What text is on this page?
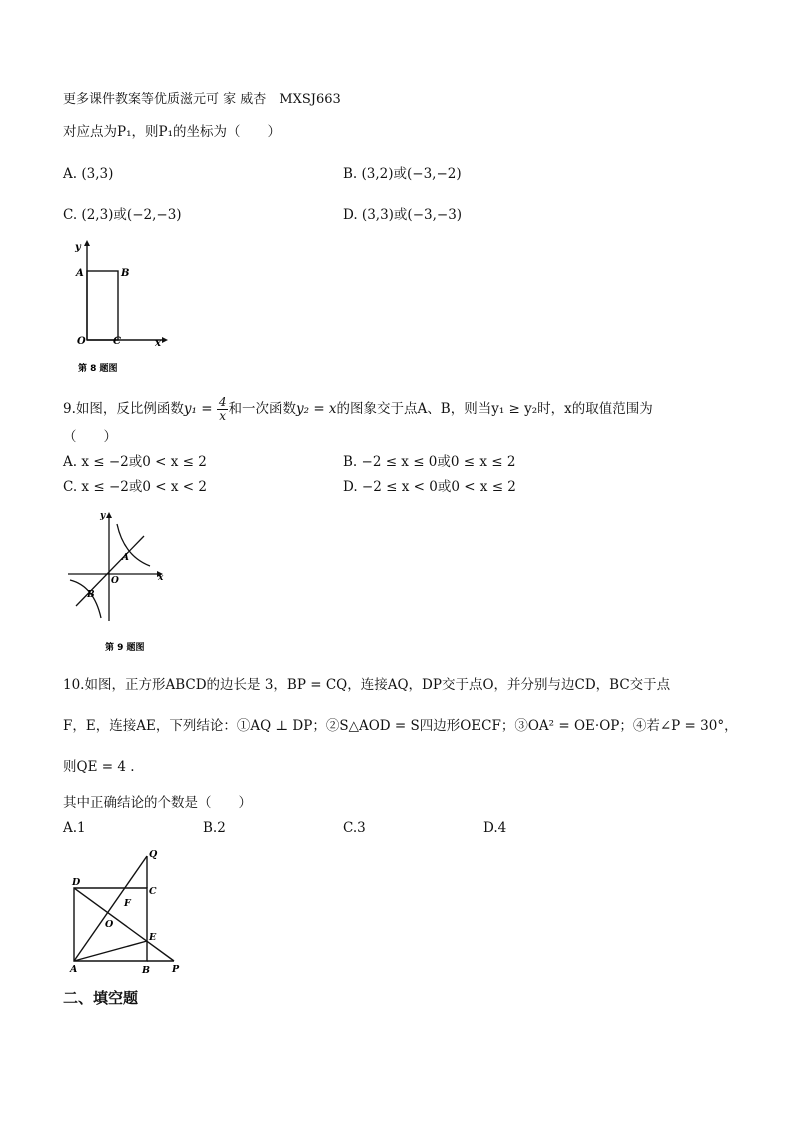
更多课件教案等优质滋元可 家 威杏　MXSJ663
对应点为P₁，则P₁的坐标为（　　）
A. (3,3)	B. (3,2)或(−3,−2)
C. (2,3)或(−2,−3)	D. (3,3)或(−3,−3)
y
A	B
O	C	x
第 8 题图
9.如图，反比例函数$y_1 = \frac{4}{x}$ 和一次函数y₂ = x的图象交于点A、B，则当y₁ ≥ y₂时，x的取值范围为
（　　）
A. x ≤ −2或0 < x ≤ 2	B. −2 ≤ x ≤ 0或0 ≤ x ≤ 2
C. x ≤ −2或0 < x < 2	D. −2 ≤ x < 0或0 < x ≤ 2
y
A
O	x
B
第 9 题图
10.如图，正方形ABCD的边长是 3，BP = CQ，连接AQ，DP交于点O，并分别与边CD，BC交于点
F，E，连接AE，下列结论：①AQ ⊥ DP；②S△AOD = S四边形OECF；③OA² = OE·OP；④若∠P = 30°，
则QE = 4 .
其中正确结论的个数是（　　）
A.1	B.2	C.3	D.4
Q
D
C
F
O
E
A	B P
二、填空题
